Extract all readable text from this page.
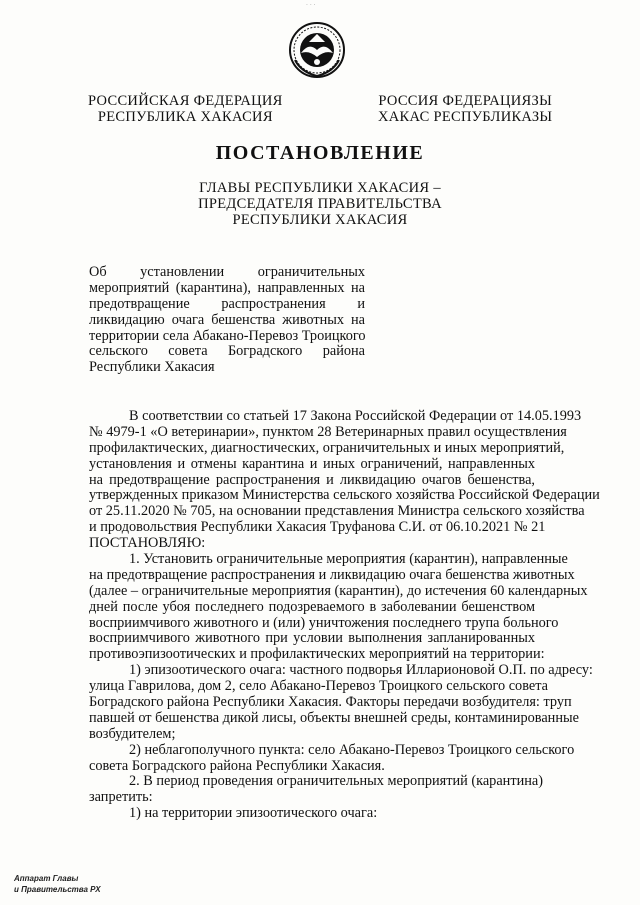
· · ·
РОССИЙСКАЯ ФЕДЕРАЦИЯ
РЕСПУБЛИКА ХАКАСИЯ
РОССИЯ ФЕДЕРАЦИЯЗЫ
ХАКАС РЕСПУБЛИКАЗЫ
ПОСТАНОВЛЕНИЕ
ГЛАВЫ РЕСПУБЛИКИ ХАКАСИЯ –
ПРЕДСЕДАТЕЛЯ ПРАВИТЕЛЬСТВА
РЕСПУБЛИКИ ХАКАСИЯ
Об установлении ограничительных
мероприятий (карантина), направленных на
предотвращение распространения и
ликвидацию очага бешенства животных на
территории села Абакано-Перевоз Троицкого
сельского совета Боградского района
Республики Хакасия
В соответствии со статьей 17 Закона Российской Федерации от 14.05.1993
№ 4979-1 «О ветеринарии», пунктом 28 Ветеринарных правил осуществления
профилактических, диагностических, ограничительных и иных мероприятий,
установления и отмены карантина и иных ограничений, направленных
на предотвращение распространения и ликвидацию очагов бешенства,
утвержденных приказом Министерства сельского хозяйства Российской Федерации
от 25.11.2020 № 705, на основании представления Министра сельского хозяйства
и продовольствия Республики Хакасия Труфанова С.И. от 06.10.2021 № 21
ПОСТАНОВЛЯЮ:
1. Установить ограничительные мероприятия (карантин), направленные
на предотвращение распространения и ликвидацию очага бешенства животных
(далее – ограничительные мероприятия (карантин), до истечения 60 календарных
дней после убоя последнего подозреваемого в заболевании бешенством
восприимчивого животного и (или) уничтожения последнего трупа больного
восприимчивого животного при условии выполнения запланированных
противоэпизоотических и профилактических мероприятий на территории:
1) эпизоотического очага: частного подворья Илларионовой О.П. по адресу:
улица Гаврилова, дом 2, село Абакано-Перевоз Троицкого сельского совета
Боградского района Республики Хакасия. Факторы передачи возбудителя: труп
павшей от бешенства дикой лисы, объекты внешней среды, контаминированные
возбудителем;
2) неблагополучного пункта: село Абакано-Перевоз Троицкого сельского
совета Боградского района Республики Хакасия.
2. В период проведения ограничительных мероприятий (карантина)
запретить:
1) на территории эпизоотического очага:
Аппарат Главы
и Правительства РХ
